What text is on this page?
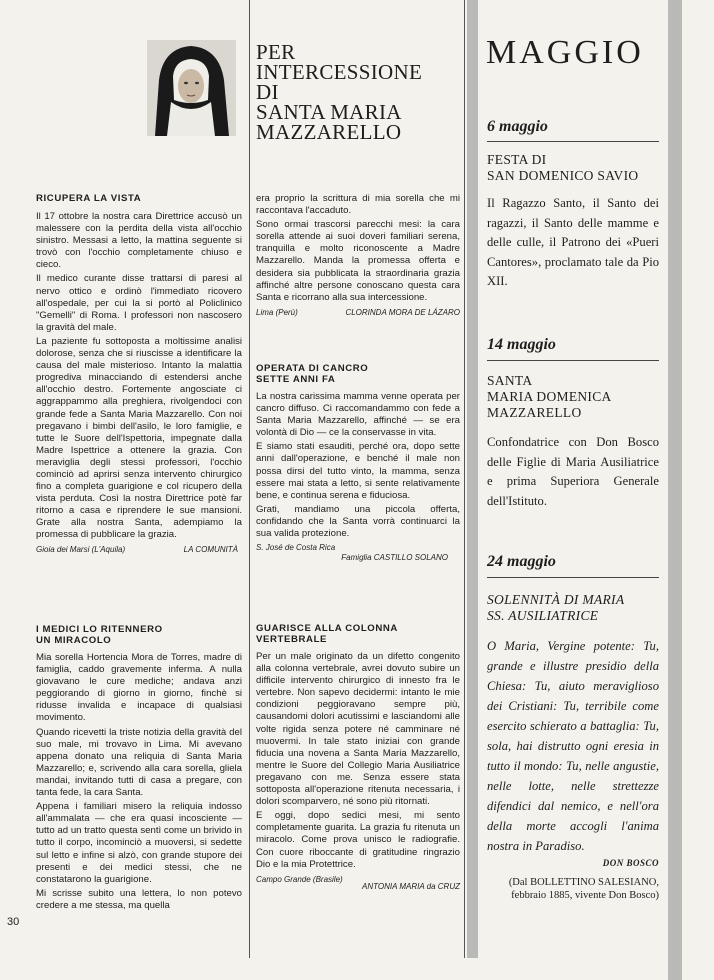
PER
INTERCESSIONE
DI
SANTA MARIA
MAZZARELLO
RICUPERA LA VISTA

Il 17 ottobre la nostra cara Direttrice accusò un malessere con la perdita della vista all'occhio sinistro. Messasi a letto, la mattina seguente si trovò con l'occhio completamente chiuso e cieco.

Il medico curante disse trattarsi di paresi al nervo ottico e ordinò l'immediato ricovero all'ospedale, per cui la si portò al Policlinico "Gemelli" di Roma. I professori non nascosero la gravità del male.

La paziente fu sottoposta a moltissime analisi dolorose, senza che si riuscisse a identificare la causa del male misterioso. Intanto la malattia progrediva minacciando di estendersi anche all'occhio destro. Fortemente angosciate ci aggrappammo alla preghiera, rivolgendoci con grande fede a Santa Maria Mazzarello. Con noi pregavano i bimbi dell'asilo, le loro famiglie, e tutte le Suore dell'Ispettoria, impegnate dalla Madre Ispettrice a ottenere la grazia. Con meraviglia degli stessi professori, l'occhio cominciò ad aprirsi senza intervento chirurgico fino a completa guarigione e col ricupero della vista perduta. Così la nostra Direttrice potè far ritorno a casa e riprendere le sue mansioni. Grate alla nostra Santa, adempiamo la promessa di pubblicare la grazia.

Gioia dei Marsi (L'Aquila)	LA COMUNITÀ
I MEDICI LO RITENNERO
UN MIRACOLO

Mia sorella Hortencia Mora de Torres, madre di famiglia, caddo gravemente inferma. A nulla giovavano le cure mediche; andava anzi peggiorando di giorno in giorno, finchè si ridusse invalida e incapace di qualsiasi movimento.

Quando ricevetti la triste notizia della gravità del suo male, mi trovavo in Lima. Mi avevano appena donato una reliquia di Santa Maria Mazzarello; e, scrivendo alla cara sorella, gliela mandai, invitando tutti di casa a pregare, con tanta fede, la cara Santa.

Appena i familiari misero la reliquia indosso all'ammalata — che era quasi incosciente — tutto ad un tratto questa sentì come un brivido in tutto il corpo, incominciò a muoversi, si sedette sul letto e infine si alzò, con grande stupore dei presenti e dei medici stessi, che ne constatarono la guarigione.

Mi scrisse subito una lettera, lo non potevo credere a me stessa, ma quella

30

era proprio la scrittura di mia sorella che mi raccontava l'accaduto.

Sono ormai trascorsi parecchi mesi: la cara sorella attende ai suoi doveri familiari serena, tranquilla e molto riconoscente a Madre Mazzarello. Manda la promessa offerta e desidera sia pubblicata la straordinaria grazia affinché altre persone conoscano questa cara Santa e ricorrano alla sua intercessione.

Lima (Perù)	CLORINDA MORA DE LÁZARO
OPERATA DI CANCRO
SETTE ANNI FA

La nostra carissima mamma venne operata per cancro diffuso. Ci raccomandammo con fede a Santa Maria Mazzarello, affinché — se era volontà di Dio — ce la conservasse in vita.

E siamo stati esauditi, perché ora, dopo sette anni dall'operazione, e benché il male non possa dirsi del tutto vinto, la mamma, senza essere mai stata a letto, si sente relativamente bene, e continua serena e fiduciosa.

Grati, mandiamo una piccola offerta, confidando che la Santa vorrà continuarci la sua valida protezione.

S. José de Costa Rica
Famiglia CASTILLO SOLANO
GUARISCE ALLA COLONNA
VERTEBRALE

Per un male originato da un difetto congenito alla colonna vertebrale, avrei dovuto subire un difficile intervento chirurgico di innesto fra le vertebre. Non sapevo decidermi: intanto le mie condizioni peggioravano sempre più, causandomi dolori acutissimi e lasciandomi alle volte rigida senza potere né camminare né muovermi. In tale stato iniziai con grande fiducia una novena a Santa Maria Mazzarello, mentre le Suore del Collegio Maria Ausiliatrice pregavano con me. Senza essere stata sottoposta all'operazione ritenuta necessaria, i dolori scomparvero, né sono più ritornati.

E oggi, dopo sedici mesi, mi sento completamente guarita. La grazia fu ritenuta un miracolo. Come prova unisco le radiografie. Con cuore riboccante di gratitudine ringrazio Dio e la mia Protettrice.

Campo Grande (Brasile)
ANTONIA MARIA da CRUZ
MAGGIO
6 maggio
FESTA DI
SAN DOMENICO SAVIO
Il Ragazzo Santo, il Santo dei ragazzi, il Santo delle mamme e delle culle, il Patrono dei «Pueri Cantores», proclamato tale da Pio XII.
14 maggio
SANTA
MARIA DOMENICA
MAZZARELLO
Confondatrice con Don Bosco delle Figlie di Maria Ausiliatrice e prima Superiora Generale dell'Istituto.
24 maggio
SOLENNITÀ DI MARIA
SS. AUSILIATRICE
O Maria, Vergine potente: Tu, grande e illustre presidio della Chiesa: Tu, aiuto meraviglioso dei Cristiani: Tu, terribile come esercito schierato a battaglia: Tu, sola, hai distrutto ogni eresia in tutto il mondo: Tu, nelle angustie, nelle lotte, nelle strettezze difendici dal nemico, e nell'ora della morte accogli l'anima nostra in Paradiso.
DON BOSCO
(Dal BOLLETTINO SALESIANO,
febbraio 1885, vivente Don Bosco)
